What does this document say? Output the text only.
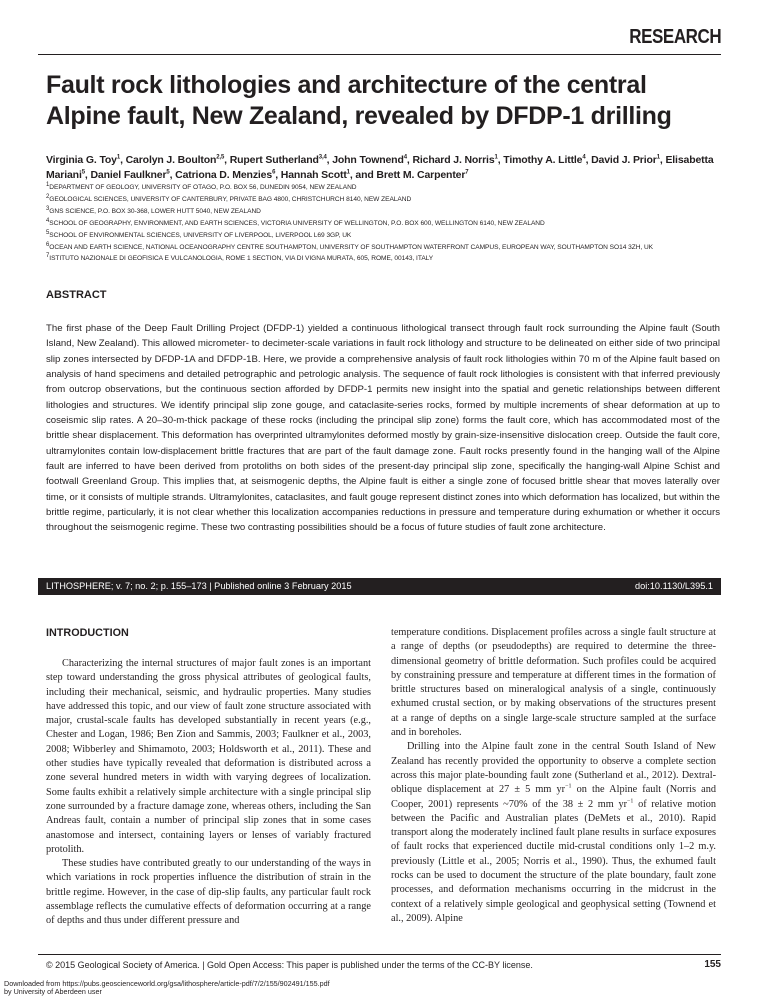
RESEARCH
Fault rock lithologies and architecture of the central Alpine fault, New Zealand, revealed by DFDP-1 drilling
Virginia G. Toy$^1$, Carolyn J. Boulton$^{2,5}$, Rupert Sutherland$^{3,4}$, John Townend$^4$, Richard J. Norris$^1$, Timothy A. Little$^4$, David J. Prior$^1$, Elisabetta Mariani$^5$, Daniel Faulkner$^5$, Catriona D. Menzies$^6$, Hannah Scott$^1$, and Brett M. Carpenter$^7$
$^1$DEPARTMENT OF GEOLOGY, UNIVERSITY OF OTAGO, P.O. BOX 56, DUNEDIN 9054, NEW ZEALAND
$^2$GEOLOGICAL SCIENCES, UNIVERSITY OF CANTERBURY, PRIVATE BAG 4800, CHRISTCHURCH 8140, NEW ZEALAND
$^3$GNS SCIENCE, P.O. BOX 30-368, LOWER HUTT 5040, NEW ZEALAND
$^4$SCHOOL OF GEOGRAPHY, ENVIRONMENT, AND EARTH SCIENCES, VICTORIA UNIVERSITY OF WELLINGTON, P.O. BOX 600, WELLINGTON 6140, NEW ZEALAND
$^5$SCHOOL OF ENVIRONMENTAL SCIENCES, UNIVERSITY OF LIVERPOOL, LIVERPOOL L69 3GP, UK
$^6$OCEAN AND EARTH SCIENCE, NATIONAL OCEANOGRAPHY CENTRE SOUTHAMPTON, UNIVERSITY OF SOUTHAMPTON WATERFRONT CAMPUS, EUROPEAN WAY, SOUTHAMPTON SO14 3ZH, UK
$^7$ISTITUTO NAZIONALE DI GEOFISICA E VULCANOLOGIA, ROME 1 SECTION, VIA DI VIGNA MURATA, 605, ROME, 00143, ITALY
ABSTRACT

The first phase of the Deep Fault Drilling Project (DFDP-1) yielded a continuous lithological transect through fault rock surrounding the Alpine fault (South Island, New Zealand). This allowed micrometer- to decimeter-scale variations in fault rock lithology and structure to be delineated on either side of two principal slip zones intersected by DFDP-1A and DFDP-1B. Here, we provide a comprehensive analysis of fault rock lithologies within 70 m of the Alpine fault based on analysis of hand specimens and detailed petrographic and petrologic analysis. The sequence of fault rock lithologies is consistent with that inferred previously from outcrop observations, but the continuous section afforded by DFDP-1 permits new insight into the spatial and genetic relationships between different lithologies and structures. We identify principal slip zone gouge, and cataclasite-series rocks, formed by multiple increments of shear deformation at up to coseismic slip rates. A 20–30-m-thick package of these rocks (including the principal slip zone) forms the fault core, which has accommodated most of the brittle shear displacement. This deformation has overprinted ultramylonites deformed mostly by grain-size-insensitive dislocation creep. Outside the fault core, ultramylonites contain low-displacement brittle fractures that are part of the fault damage zone. Fault rocks presently found in the hanging wall of the Alpine fault are inferred to have been derived from protoliths on both sides of the present-day principal slip zone, specifically the hanging-wall Alpine Schist and footwall Greenland Group. This implies that, at seismogenic depths, the Alpine fault is either a single zone of focused brittle shear that moves laterally over time, or it consists of multiple strands. Ultramylonites, cataclasites, and fault gouge represent distinct zones into which deformation has localized, but within the brittle regime, particularly, it is not clear whether this localization accompanies reductions in pressure and temperature during exhumation or whether it occurs throughout the seismogenic regime. These two contrasting possibilities should be a focus of future studies of fault zone architecture.

LITHOSPHERE; v. 7; no. 2; p. 155–173 | Published online 3 February 2015	doi:10.1130/L395.1
INTRODUCTION

Characterizing the internal structures of major fault zones is an important step toward understanding the gross physical attributes of geological faults, including their mechanical, seismic, and hydraulic properties. Many studies have addressed this topic, and our view of fault zone structure associated with major, crustal-scale faults has developed substantially in recent years (e.g., Chester and Logan, 1986; Ben Zion and Sammis, 2003; Faulkner et al., 2003, 2008; Wibberley and Shimamoto, 2003; Holdsworth et al., 2011). These and other studies have typically revealed that deformation is distributed across a zone several hundred meters in width with varying degrees of localization. Some faults exhibit a relatively simple architecture with a single principal slip zone surrounded by a fracture damage zone, whereas others, including the San Andreas fault, contain a number of principal slip zones that in some cases anastomose and intersect, containing layers or lenses of variably fractured protolith.

These studies have contributed greatly to our understanding of the ways in which variations in rock properties influence the distribution of strain in the brittle regime. However, in the case of dip-slip faults, any particular fault rock assemblage reflects the cumulative effects of deformation occurring at a range of depths and thus under different pressure and

temperature conditions. Displacement profiles across a single fault structure at a range of depths (or pseudodepths) are required to determine the three-dimensional geometry of brittle deformation. Such profiles could be acquired by constraining pressure and temperature at different times in the formation of brittle structures based on mineralogical analysis of a single, continuously exhumed crustal section, or by making observations of the structures present at a range of depths on a single large-scale structure sampled at the surface and in boreholes.

Drilling into the Alpine fault zone in the central South Island of New Zealand has recently provided the opportunity to observe a complete section across this major plate-bounding fault zone (Sutherland et al., 2012). Dextral-oblique displacement at 27 ± 5 mm $yr^{-1}$ on the Alpine fault (Norris and Cooper, 2001) represents ~70% of the 38 ± 2 mm $yr^{-1}$ of relative motion between the Pacific and Australian plates (DeMets et al., 2010). Rapid transport along the moderately inclined fault plane results in surface exposures of fault rocks that experienced ductile mid-crustal conditions only 1–2 m.y. previously (Little et al., 2005; Norris et al., 1990). Thus, the exhumed fault rocks can be used to document the structure of the plate boundary, fault zone processes, and deformation mechanisms occurring in the midcrust in the context of a relatively simple geological and geophysical setting (Townend et al., 2009). Alpine

© 2015 Geological Society of America. | Gold Open Access: This paper is published under the terms of the CC-BY license.	155
Downloaded from https://pubs.geoscienceworld.org/gsa/lithosphere/article-pdf/7/2/155/902491/155.pdf
by University of Aberdeen user
